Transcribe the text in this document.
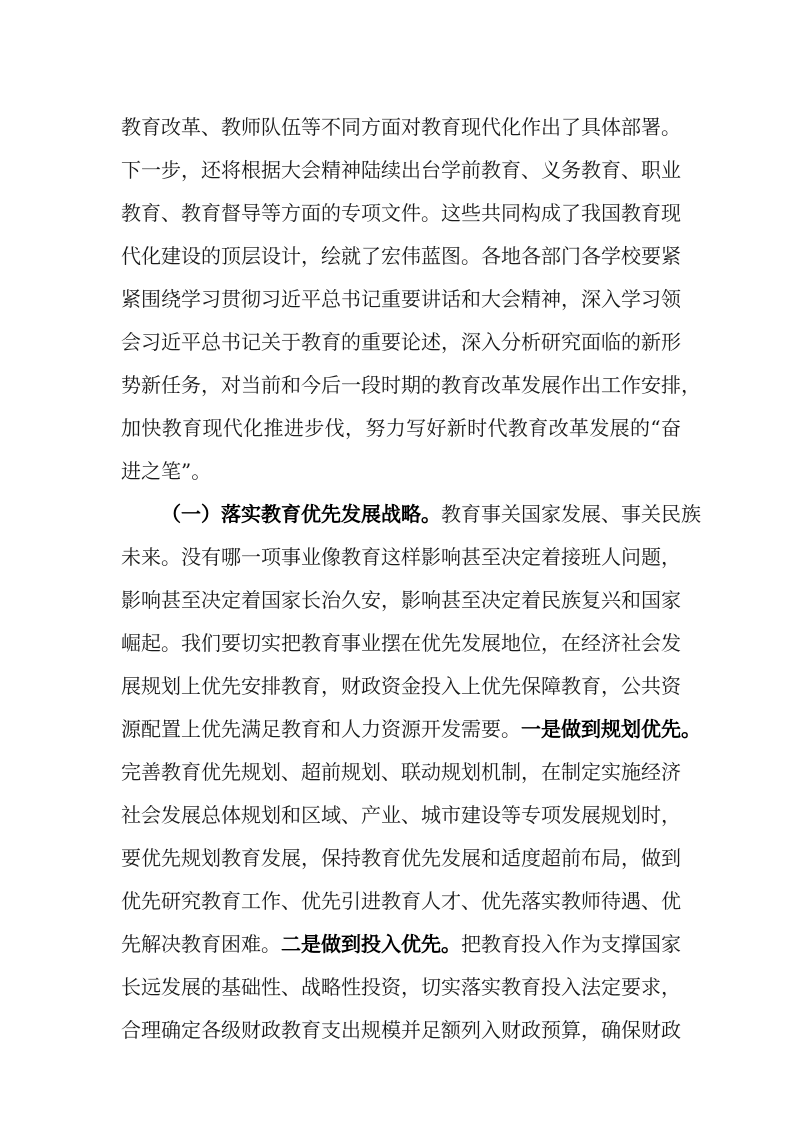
教育改革、教师队伍等不同方面对教育现代化作出了具体部署。
下一步，还将根据大会精神陆续出台学前教育、义务教育、职业
教育、教育督导等方面的专项文件。这些共同构成了我国教育现
代化建设的顶层设计，绘就了宏伟蓝图。各地各部门各学校要紧
紧围绕学习贯彻习近平总书记重要讲话和大会精神，深入学习领
会习近平总书记关于教育的重要论述，深入分析研究面临的新形
势新任务，对当前和今后一段时期的教育改革发展作出工作安排，
加快教育现代化推进步伐，努力写好新时代教育改革发展的“奋
进之笔”。
（一）落实教育优先发展战略。教育事关国家发展、事关民族
未来。没有哪一项事业像教育这样影响甚至决定着接班人问题，
影响甚至决定着国家长治久安，影响甚至决定着民族复兴和国家
崛起。我们要切实把教育事业摆在优先发展地位，在经济社会发
展规划上优先安排教育，财政资金投入上优先保障教育，公共资
源配置上优先满足教育和人力资源开发需要。一是做到规划优先。
完善教育优先规划、超前规划、联动规划机制，在制定实施经济
社会发展总体规划和区域、产业、城市建设等专项发展规划时，
要优先规划教育发展，保持教育优先发展和适度超前布局，做到
优先研究教育工作、优先引进教育人才、优先落实教师待遇、优
先解决教育困难。二是做到投入优先。把教育投入作为支撑国家
长远发展的基础性、战略性投资，切实落实教育投入法定要求，
合理确定各级财政教育支出规模并足额列入财政预算，确保财政
